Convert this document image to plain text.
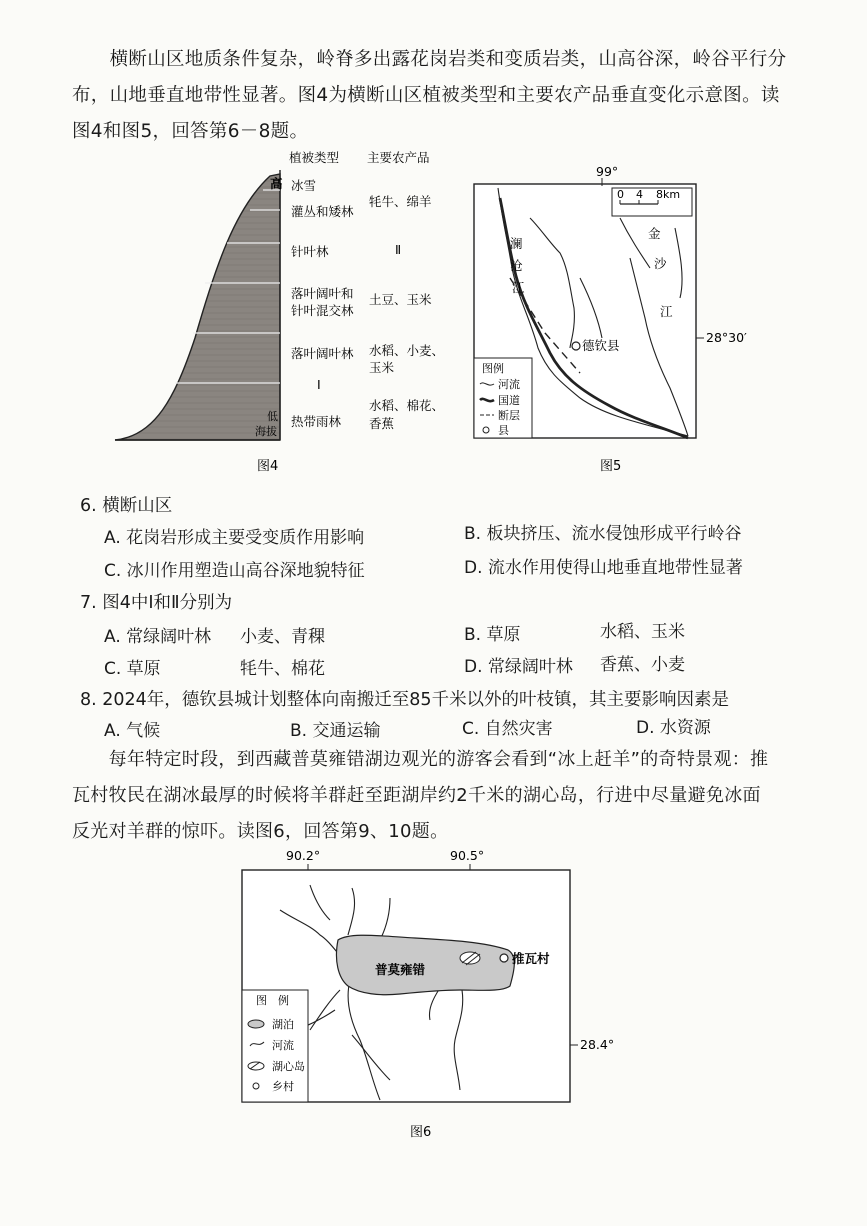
　　横断山区地质条件复杂，岭脊多出露花岗岩类和变质岩类，山高谷深，岭谷平行分
布，山地垂直地带性显著。图4为横断山区植被类型和主要农产品垂直变化示意图。读
图4和图5，回答第6－8题。
高
低
海拔
植被类型 主要农产品
冰雪
灌丛和矮林
牦牛、绵羊
针叶林	Ⅱ
落叶阔叶和
针叶混交林
土豆、玉米
落叶阔叶林 水稻、小麦、
玉米
Ⅰ
热带雨林
水稻、棉花、
香蕉
图4
99°
0 4 8km
澜
沧
江
金
沙
江
德钦县
28°30′
图例
河流
国道
断层
县
图5
6. 横断山区
A. 花岗岩形成主要受变质作用影响	B. 板块挤压、流水侵蚀形成平行岭谷
C. 冰川作用塑造山高谷深地貌特征	D. 流水作用使得山地垂直地带性显著
7. 图4中Ⅰ和Ⅱ分别为
A. 常绿阔叶林 小麦、青稞	B. 草原	水稻、玉米
C. 草原	牦牛、棉花	D. 常绿阔叶林 香蕉、小麦
8. 2024年，德钦县城计划整体向南搬迁至85千米以外的叶枝镇，其主要影响因素是
A. 气候	B. 交通运输	C. 自然灾害	D. 水资源
　　每年特定时段，到西藏普莫雍错湖边观光的游客会看到“冰上赶羊”的奇特景观：推
瓦村牧民在湖冰最厚的时候将羊群赶至距湖岸约2千米的湖心岛，行进中尽量避免冰面
反光对羊群的惊吓。读图6，回答第9、10题。
90.2°	90.5°
28.4°
普莫雍错
推瓦村
图　例
湖泊
河流
湖心岛
乡村
图6
